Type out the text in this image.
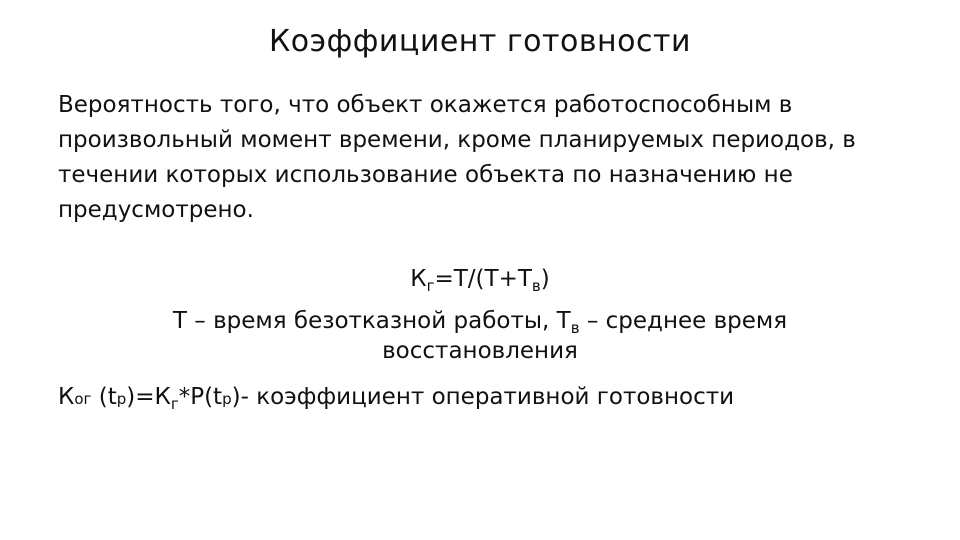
Коэффициент готовности
Вероятность того, что объект окажется работоспособным в произвольный момент времени, кроме планируемых периодов, в течении которых использование объекта по назначению не предусмотрено.
$К_г=Т/(Т+Т_в)$
Т – время безотказной работы, $Т_в$ – среднее время
восстановления
Ког $(tр)=К_г*P(tр)-$ коэффициент оперативной готовности
